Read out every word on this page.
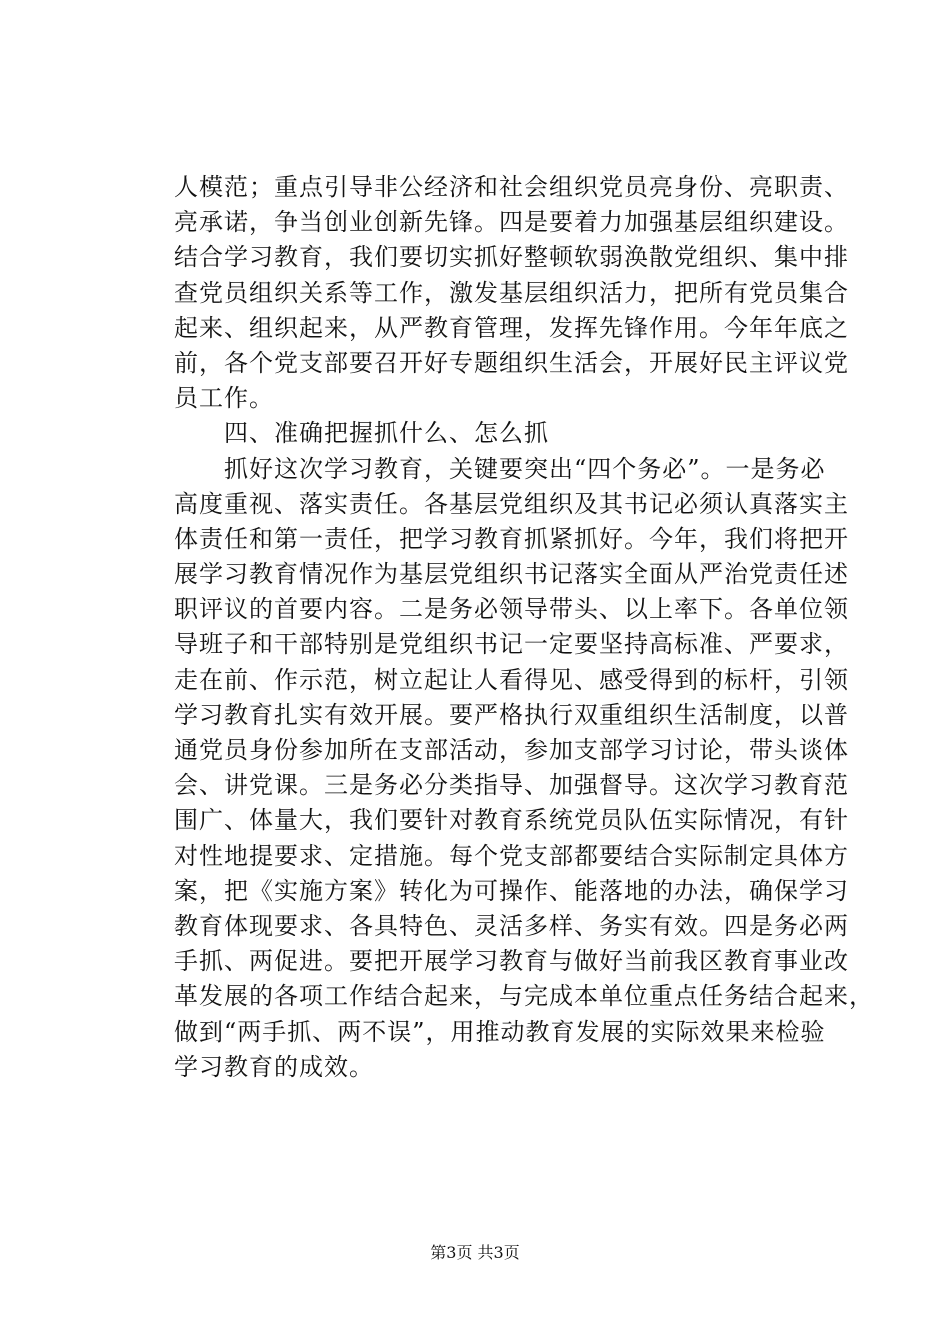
人模范；重点引导非公经济和社会组织党员亮身份、亮职责、
亮承诺，争当创业创新先锋。四是要着力加强基层组织建设。
结合学习教育，我们要切实抓好整顿软弱涣散党组织、集中排
查党员组织关系等工作，激发基层组织活力，把所有党员集合
起来、组织起来，从严教育管理，发挥先锋作用。今年年底之
前，各个党支部要召开好专题组织生活会，开展好民主评议党
员工作。
　　四、准确把握抓什么、怎么抓
　　抓好这次学习教育，关键要突出“四个务必”。一是务必
高度重视、落实责任。各基层党组织及其书记必须认真落实主
体责任和第一责任，把学习教育抓紧抓好。今年，我们将把开
展学习教育情况作为基层党组织书记落实全面从严治党责任述
职评议的首要内容。二是务必领导带头、以上率下。各单位领
导班子和干部特别是党组织书记一定要坚持高标准、严要求，
走在前、作示范，树立起让人看得见、感受得到的标杆，引领
学习教育扎实有效开展。要严格执行双重组织生活制度，以普
通党员身份参加所在支部活动，参加支部学习讨论，带头谈体
会、讲党课。三是务必分类指导、加强督导。这次学习教育范
围广、体量大，我们要针对教育系统党员队伍实际情况，有针
对性地提要求、定措施。每个党支部都要结合实际制定具体方
案，把《实施方案》转化为可操作、能落地的办法，确保学习
教育体现要求、各具特色、灵活多样、务实有效。四是务必两
手抓、两促进。要把开展学习教育与做好当前我区教育事业改
革发展的各项工作结合起来，与完成本单位重点任务结合起来，
做到“两手抓、两不误”，用推动教育发展的实际效果来检验
学习教育的成效。
第3页 共3页
